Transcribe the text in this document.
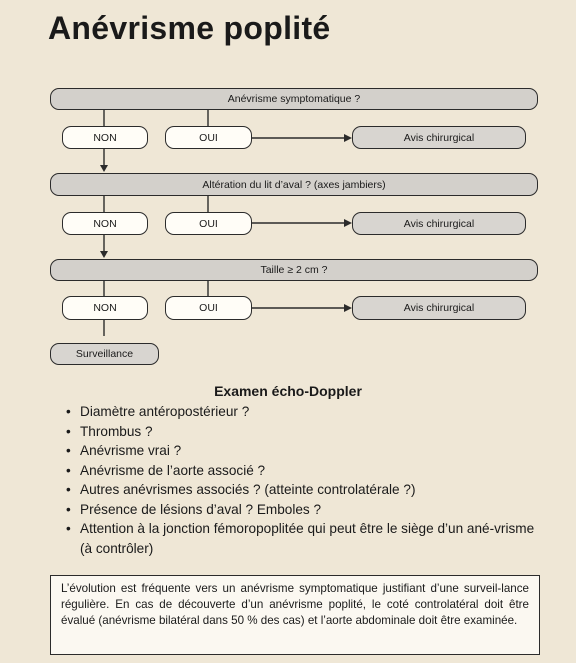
Anévrisme poplité
Anévrisme symptomatique ?
NON	OUI	Avis chirurgical
Altération du lit d’aval ? (axes jambiers)
NON	OUI	Avis chirurgical
Taille ≥ 2 cm ?
NON	OUI	Avis chirurgical
Surveillance
Examen écho-Doppler
• Diamètre antéropostérieur ?
• Thrombus ?
• Anévrisme vrai ?
• Anévrisme de l’aorte associé ?
• Autres anévrismes associés ? (atteinte controlatérale ?)
• Présence de lésions d’aval ? Emboles ?
• Attention à la jonction fémoropoplitée qui peut être le siège d’un ané-vrisme (à contrôler)
L’évolution est fréquente vers un anévrisme symptomatique justifiant d’une surveil-lance régulière. En cas de découverte d’un anévrisme poplité, le coté controlatéral doit être évalué (anévrisme bilatéral dans 50 % des cas) et l’aorte abdominale doit être examinée.
